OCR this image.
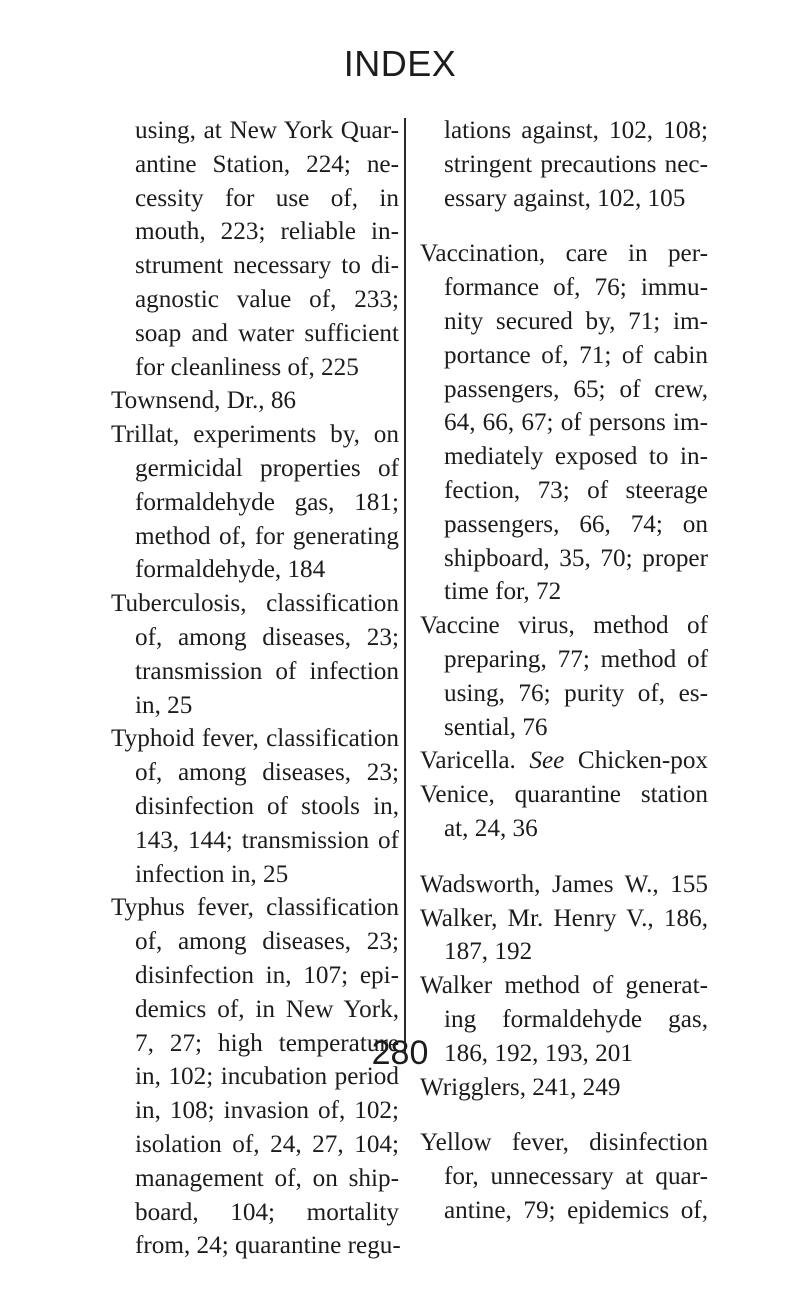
INDEX
using, at New York Quar-
antine Station, 224; ne-
cessity for use of, in
mouth, 223; reliable in-
strument necessary to di-
agnostic value of, 233;
soap and water sufficient
for cleanliness of, 225
Townsend, Dr., 86
Trillat, experiments by, on
germicidal properties of
formaldehyde gas, 181;
method of, for generating
formaldehyde, 184
Tuberculosis, classification
of, among diseases, 23;
transmission of infection
in, 25
Typhoid fever, classification
of, among diseases, 23;
disinfection of stools in,
143, 144; transmission of
infection in, 25
Typhus fever, classification
of, among diseases, 23;
disinfection in, 107; epi-
demics of, in New York,
7, 27; high temperature
in, 102; incubation period
in, 108; invasion of, 102;
isolation of, 24, 27, 104;
management of, on ship-
board, 104; mortality
from, 24; quarantine regu-
lations against, 102, 108;
stringent precautions nec-
essary against, 102, 105
Vaccination, care in per-
formance of, 76; immu-
nity secured by, 71; im-
portance of, 71; of cabin
passengers, 65; of crew,
64, 66, 67; of persons im-
mediately exposed to in-
fection, 73; of steerage
passengers, 66, 74; on
shipboard, 35, 70; proper
time for, 72
Vaccine virus, method of
preparing, 77; method of
using, 76; purity of, es-
sential, 76
Varicella. See Chicken-pox
Venice, quarantine station
at, 24, 36
Wadsworth, James W., 155
Walker, Mr. Henry V., 186,
187, 192
Walker method of generat-
ing formaldehyde gas,
186, 192, 193, 201
Wrigglers, 241, 249
Yellow fever, disinfection
for, unnecessary at quar-
antine, 79; epidemics of,
280
